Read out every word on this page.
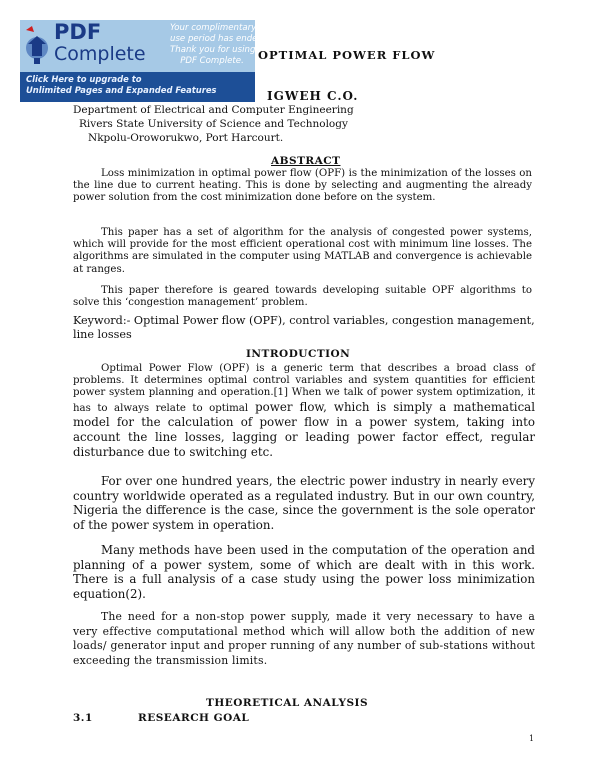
PDF
Complete
Your complimentary
use period has ended.
Thank you for using
PDF Complete.
Click Here to upgrade to
Unlimited Pages and Expanded Features
OPTIMAL POWER FLOW
IGWEH C.O.
Department of Electrical and Computer Engineering
Rivers State University of Science and Technology
Nkpolu-Oroworukwo, Port Harcourt.
ABSTRACT

Loss minimization in optimal power flow (OPF) is the minimization of the losses on the line due to current heating. This is done by selecting and augmenting the already power solution from the cost minimization done before on the system.

This paper has a set of algorithm for the analysis of congested power systems, which will provide for the most efficient operational cost with minimum line losses. The algorithms are simulated in the computer using MATLAB and convergence is achievable at ranges.

This paper therefore is geared towards developing suitable OPF algorithms to solve this ‘congestion management’ problem.

Keyword:- Optimal Power flow (OPF), control variables, congestion management, line losses
INTRODUCTION

Optimal Power Flow (OPF) is a generic term that describes a broad class of problems. It determines optimal control variables and system quantities for efficient power system planning and operation.[1] When we talk of power system optimization, it has to always relate to optimal power flow, which is simply a mathematical model for the calculation of power flow in a power system, taking into account the line losses, lagging or leading power factor effect, regular disturbance due to switching etc.

For over one hundred years, the electric power industry in nearly every country worldwide operated as a regulated industry. But in our own country, Nigeria the difference is the case, since the government is the sole operator of the power system in operation.

Many methods have been used in the computation of the operation and planning of a power system, some of which are dealt with in this work. There is a full analysis of a case study using the power loss minimization equation(2).

The need for a non-stop power supply, made it very necessary to have a very effective computational method which will allow both the addition of new loads/ generator input and proper running of any number of sub-stations without exceeding the transmission limits.

THEORETICAL ANALYSIS
3.1	RESEARCH GOAL
1
